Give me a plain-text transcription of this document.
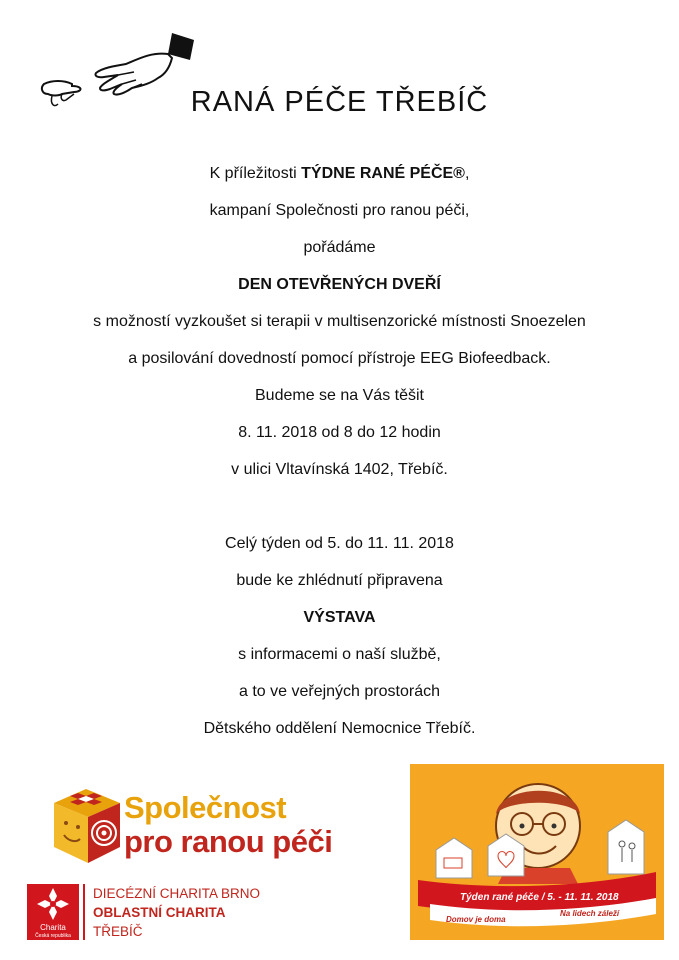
RANÁ PÉČE TŘEBÍČ
K příležitosti TÝDNE RANÉ PÉČE®,
kampaní Společnosti pro ranou péči,
pořádáme
DEN OTEVŘENÝCH DVEŘÍ
s možností vyzkoušet si terapii v multisenzorické místnosti Snoezelen
a posilování dovedností pomocí přístroje EEG Biofeedback.
Budeme se na Vás těšit
8. 11. 2018 od 8 do 12 hodin
v ulici Vltavínská 1402, Třebíč.
Celý týden od 5. do 11. 11. 2018
bude ke zhlédnutí připravena
VÝSTAVA
s informacemi o naší službě,
a to ve veřejných prostorách
Dětského oddělení Nemocnice Třebíč.
Společnost
pro ranou péči
Charita
Česká republika
DIECÉZNÍ CHARITA BRNO
OBLASTNÍ CHARITA
TŘEBÍČ
Týden rané péče / 5. - 11. 11. 2018
Domov je doma
Na lidech záleží
